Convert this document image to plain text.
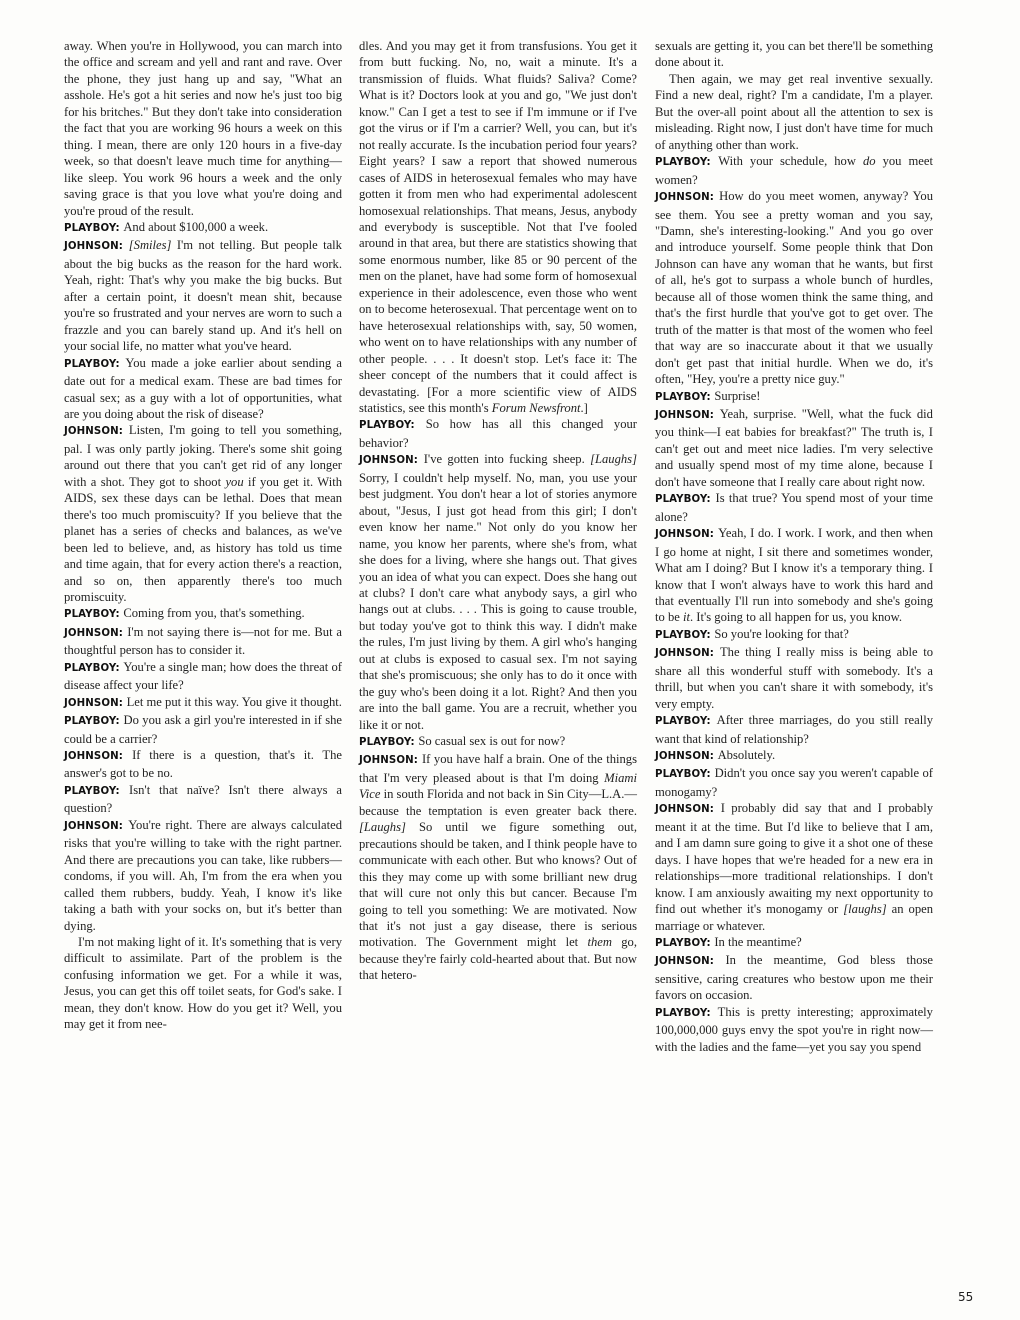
away. When you're in Hollywood, you can march into the office and scream and yell and rant and rave. Over the phone, they just hang up and say, "What an asshole. He's got a hit series and now he's just too big for his britches." But they don't take into consideration the fact that you are working 96 hours a week on this thing. I mean, there are only 120 hours in a five-day week, so that doesn't leave much time for anything—like sleep. You work 96 hours a week and the only saving grace is that you love what you're doing and you're proud of the result.

PLAYBOY: And about $100,000 a week.

JOHNSON: [Smiles] I'm not telling. But people talk about the big bucks as the reason for the hard work. Yeah, right: That's why you make the big bucks. But after a certain point, it doesn't mean shit, because you're so frustrated and your nerves are worn to such a frazzle and you can barely stand up. And it's hell on your social life, no matter what you've heard.

PLAYBOY: You made a joke earlier about sending a date out for a medical exam. These are bad times for casual sex; as a guy with a lot of opportunities, what are you doing about the risk of disease?

JOHNSON: Listen, I'm going to tell you something, pal. I was only partly joking. There's some shit going around out there that you can't get rid of any longer with a shot. They got to shoot you if you get it. With AIDS, sex these days can be lethal. Does that mean there's too much promiscuity? If you believe that the planet has a series of checks and balances, as we've been led to believe, and, as history has told us time and time again, that for every action there's a reaction, and so on, then apparently there's too much promiscuity.

PLAYBOY: Coming from you, that's something.

JOHNSON: I'm not saying there is—not for me. But a thoughtful person has to consider it.

PLAYBOY: You're a single man; how does the threat of disease affect your life?

JOHNSON: Let me put it this way. You give it thought.

PLAYBOY: Do you ask a girl you're interested in if she could be a carrier?

JOHNSON: If there is a question, that's it. The answer's got to be no.

PLAYBOY: Isn't that naïve? Isn't there always a question?

JOHNSON: You're right. There are always calculated risks that you're willing to take with the right partner. And there are precautions you can take, like rubbers—condoms, if you will. Ah, I'm from the era when you called them rubbers, buddy. Yeah, I know it's like taking a bath with your socks on, but it's better than dying.

I'm not making light of it. It's something that is very difficult to assimilate. Part of the problem is the confusing information we get. For a while it was, Jesus, you can get this off toilet seats, for God's sake. I mean, they don't know. How do you get it? Well, you may get it from nee-

dles. And you may get it from transfusions. You get it from butt fucking. No, no, wait a minute. It's a transmission of fluids. What fluids? Saliva? Come? What is it? Doctors look at you and go, "We just don't know." Can I get a test to see if I'm immune or if I've got the virus or if I'm a carrier? Well, you can, but it's not really accurate. Is the incubation period four years? Eight years? I saw a report that showed numerous cases of AIDS in heterosexual females who may have gotten it from men who had experimental adolescent homosexual relationships. That means, Jesus, anybody and everybody is susceptible. Not that I've fooled around in that area, but there are statistics showing that some enormous number, like 85 or 90 percent of the men on the planet, have had some form of homosexual experience in their adolescence, even those who went on to become heterosexual. That percentage went on to have heterosexual relationships with, say, 50 women, who went on to have relationships with any number of other people. . . . It doesn't stop. Let's face it: The sheer concept of the numbers that it could affect is devastating. [For a more scientific view of AIDS statistics, see this month's Forum Newsfront.]

PLAYBOY: So how has all this changed your behavior?

JOHNSON: I've gotten into fucking sheep. [Laughs] Sorry, I couldn't help myself. No, man, you use your best judgment. You don't hear a lot of stories anymore about, "Jesus, I just got head from this girl; I don't even know her name." Not only do you know her name, you know her parents, where she's from, what she does for a living, where she hangs out. That gives you an idea of what you can expect. Does she hang out at clubs? I don't care what anybody says, a girl who hangs out at clubs. . . . This is going to cause trouble, but today you've got to think this way. I didn't make the rules, I'm just living by them. A girl who's hanging out at clubs is exposed to casual sex. I'm not saying that she's promiscuous; she only has to do it once with the guy who's been doing it a lot. Right? And then you are into the ball game. You are a recruit, whether you like it or not.

PLAYBOY: So casual sex is out for now?

JOHNSON: If you have half a brain. One of the things that I'm very pleased about is that I'm doing Miami Vice in south Florida and not back in Sin City—L.A.—because the temptation is even greater back there. [Laughs] So until we figure something out, precautions should be taken, and I think people have to communicate with each other. But who knows? Out of this they may come up with some brilliant new drug that will cure not only this but cancer. Because I'm going to tell you something: We are motivated. Now that it's not just a gay disease, there is serious motivation. The Government might let them go, because they're fairly cold-hearted about that. But now that hetero-

sexuals are getting it, you can bet there'll be something done about it.

Then again, we may get real inventive sexually. Find a new deal, right? I'm a candidate, I'm a player. But the over-all point about all the attention to sex is misleading. Right now, I just don't have time for much of anything other than work.

PLAYBOY: With your schedule, how do you meet women?

JOHNSON: How do you meet women, anyway? You see them. You see a pretty woman and you say, "Damn, she's interesting-looking." And you go over and introduce yourself. Some people think that Don Johnson can have any woman that he wants, but first of all, he's got to surpass a whole bunch of hurdles, because all of those women think the same thing, and that's the first hurdle that you've got to get over. The truth of the matter is that most of the women who feel that way are so inaccurate about it that we usually don't get past that initial hurdle. When we do, it's often, "Hey, you're a pretty nice guy."

PLAYBOY: Surprise!

JOHNSON: Yeah, surprise. "Well, what the fuck did you think—I eat babies for breakfast?" The truth is, I can't get out and meet nice ladies. I'm very selective and usually spend most of my time alone, because I don't have someone that I really care about right now.

PLAYBOY: Is that true? You spend most of your time alone?

JOHNSON: Yeah, I do. I work. I work, and then when I go home at night, I sit there and sometimes wonder, What am I doing? But I know it's a temporary thing. I know that I won't always have to work this hard and that eventually I'll run into somebody and she's going to be it. It's going to all happen for us, you know.

PLAYBOY: So you're looking for that?

JOHNSON: The thing I really miss is being able to share all this wonderful stuff with somebody. It's a thrill, but when you can't share it with somebody, it's very empty.

PLAYBOY: After three marriages, do you still really want that kind of relationship?

JOHNSON: Absolutely.

PLAYBOY: Didn't you once say you weren't capable of monogamy?

JOHNSON: I probably did say that and I probably meant it at the time. But I'd like to believe that I am, and I am damn sure going to give it a shot one of these days. I have hopes that we're headed for a new era in relationships—more traditional relationships. I don't know. I am anxiously awaiting my next opportunity to find out whether it's monogamy or [laughs] an open marriage or whatever.

PLAYBOY: In the meantime?

JOHNSON: In the meantime, God bless those sensitive, caring creatures who bestow upon me their favors on occasion.

PLAYBOY: This is pretty interesting; approximately 100,000,000 guys envy the spot you're in right now—with the ladies and the fame—yet you say you spend

55
